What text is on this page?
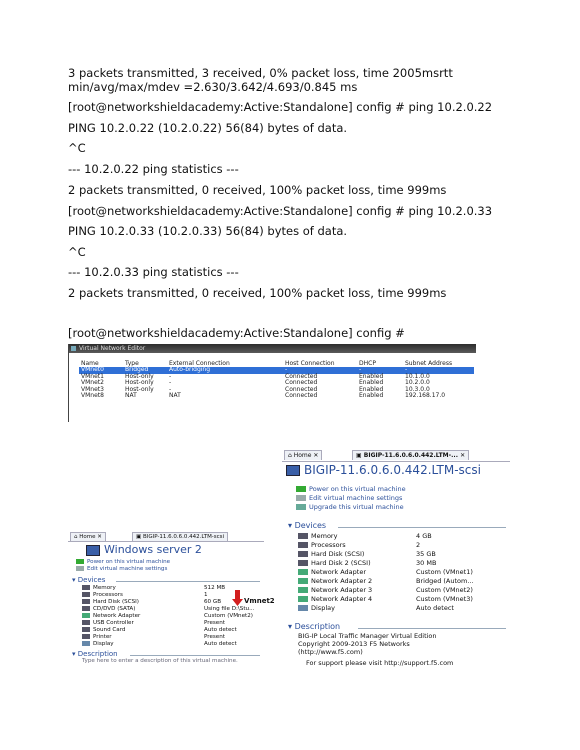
3 packets transmitted, 3 received, 0% packet loss, time 2005msrtt
min/avg/max/mdev =2.630/3.642/4.693/0.845 ms
[root@networkshieldacademy:Active:Standalone] config # ping 10.2.0.22
PING 10.2.0.22 (10.2.0.22) 56(84) bytes of data.
^C
--- 10.2.0.22 ping statistics ---
2 packets transmitted, 0 received, 100% packet loss, time 999ms
[root@networkshieldacademy:Active:Standalone] config # ping 10.2.0.33
PING 10.2.0.33 (10.2.0.33) 56(84) bytes of data.
^C
--- 10.2.0.33 ping statistics ---
2 packets transmitted, 0 received, 100% packet loss, time 999ms
[root@networkshieldacademy:Active:Standalone] config #
Virtual Network Editor
Name	Type	External Connection	Host Connection	DHCP	Subnet Address
VMnet0	Bridged	Auto-bridging	-	-	-
VMnet1	Host-only	-	Connected	Enabled	10.1.0.0
VMnet2	Host-only	-	Connected	Enabled	10.2.0.0
VMnet3	Host-only	-	Connected	Enabled	10.3.0.0
VMnet8	NAT	NAT	Connected	Enabled	192.168.17.0
⌂ Home ✕	▣ BIGIP-11.6.0.6.0.442.LTM-... ✕
BIGIP-11.6.0.6.0.442.LTM-scsi
Power on this virtual machine
Edit virtual machine settings
Upgrade this virtual machine
▾ Devices
Memory	4 GB
Processors	2
Hard Disk (SCSI)	35 GB
Hard Disk 2 (SCSI)	30 MB
Network Adapter	Custom (VMnet1)
Network Adapter 2	Bridged (Autom...
Network Adapter 3	Custom (VMnet2)
Network Adapter 4	Custom (VMnet3)
Display	Auto detect
▾ Description
BIG-IP Local Traffic Manager Virtual Edition
Copyright 2009-2013 F5 Networks
(http://www.f5.com)
For support please visit http://support.f5.com
⌂ Home ✕	▣ BIGIP-11.6.0.6.0.442.LTM-scsi
Windows server 2
Power on this virtual machine
Edit virtual machine settings
▾ Devices
Memory	512 MB
Processors	1
Hard Disk (SCSI)	60 GB
CD/DVD (SATA)	Using file D:\Stu...
Network Adapter	Custom (VMnet2)
USB Controller	Present
Sound Card	Auto detect
Printer	Present
Display	Auto detect
▾ Description
Type here to enter a description of this virtual machine.
Vmnet2
